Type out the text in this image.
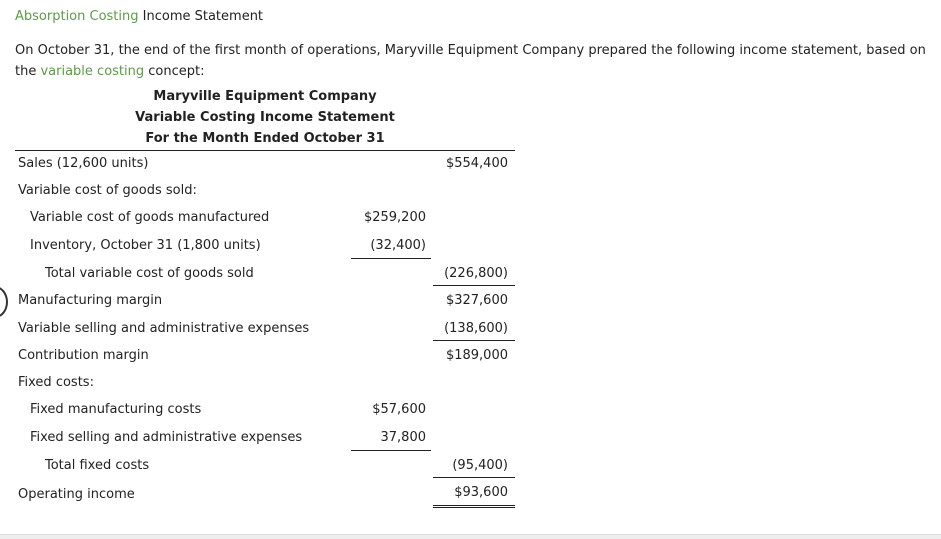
Absorption Costing Income Statement
On October 31, the end of the first month of operations, Maryville Equipment Company prepared the following income statement, based on the variable costing concept:
Maryville Equipment Company
Variable Costing Income Statement
For the Month Ended October 31
Sales (12,600 units)	$554,400
Variable cost of goods sold:
Variable cost of goods manufactured	$259,200
Inventory, October 31 (1,800 units)	(32,400)
Total variable cost of goods sold	(226,800)
Manufacturing margin	$327,600
Variable selling and administrative expenses	(138,600)
Contribution margin	$189,000
Fixed costs:
Fixed manufacturing costs	$57,600
Fixed selling and administrative expenses	37,800
Total fixed costs	(95,400)
Operating income	$93,600
